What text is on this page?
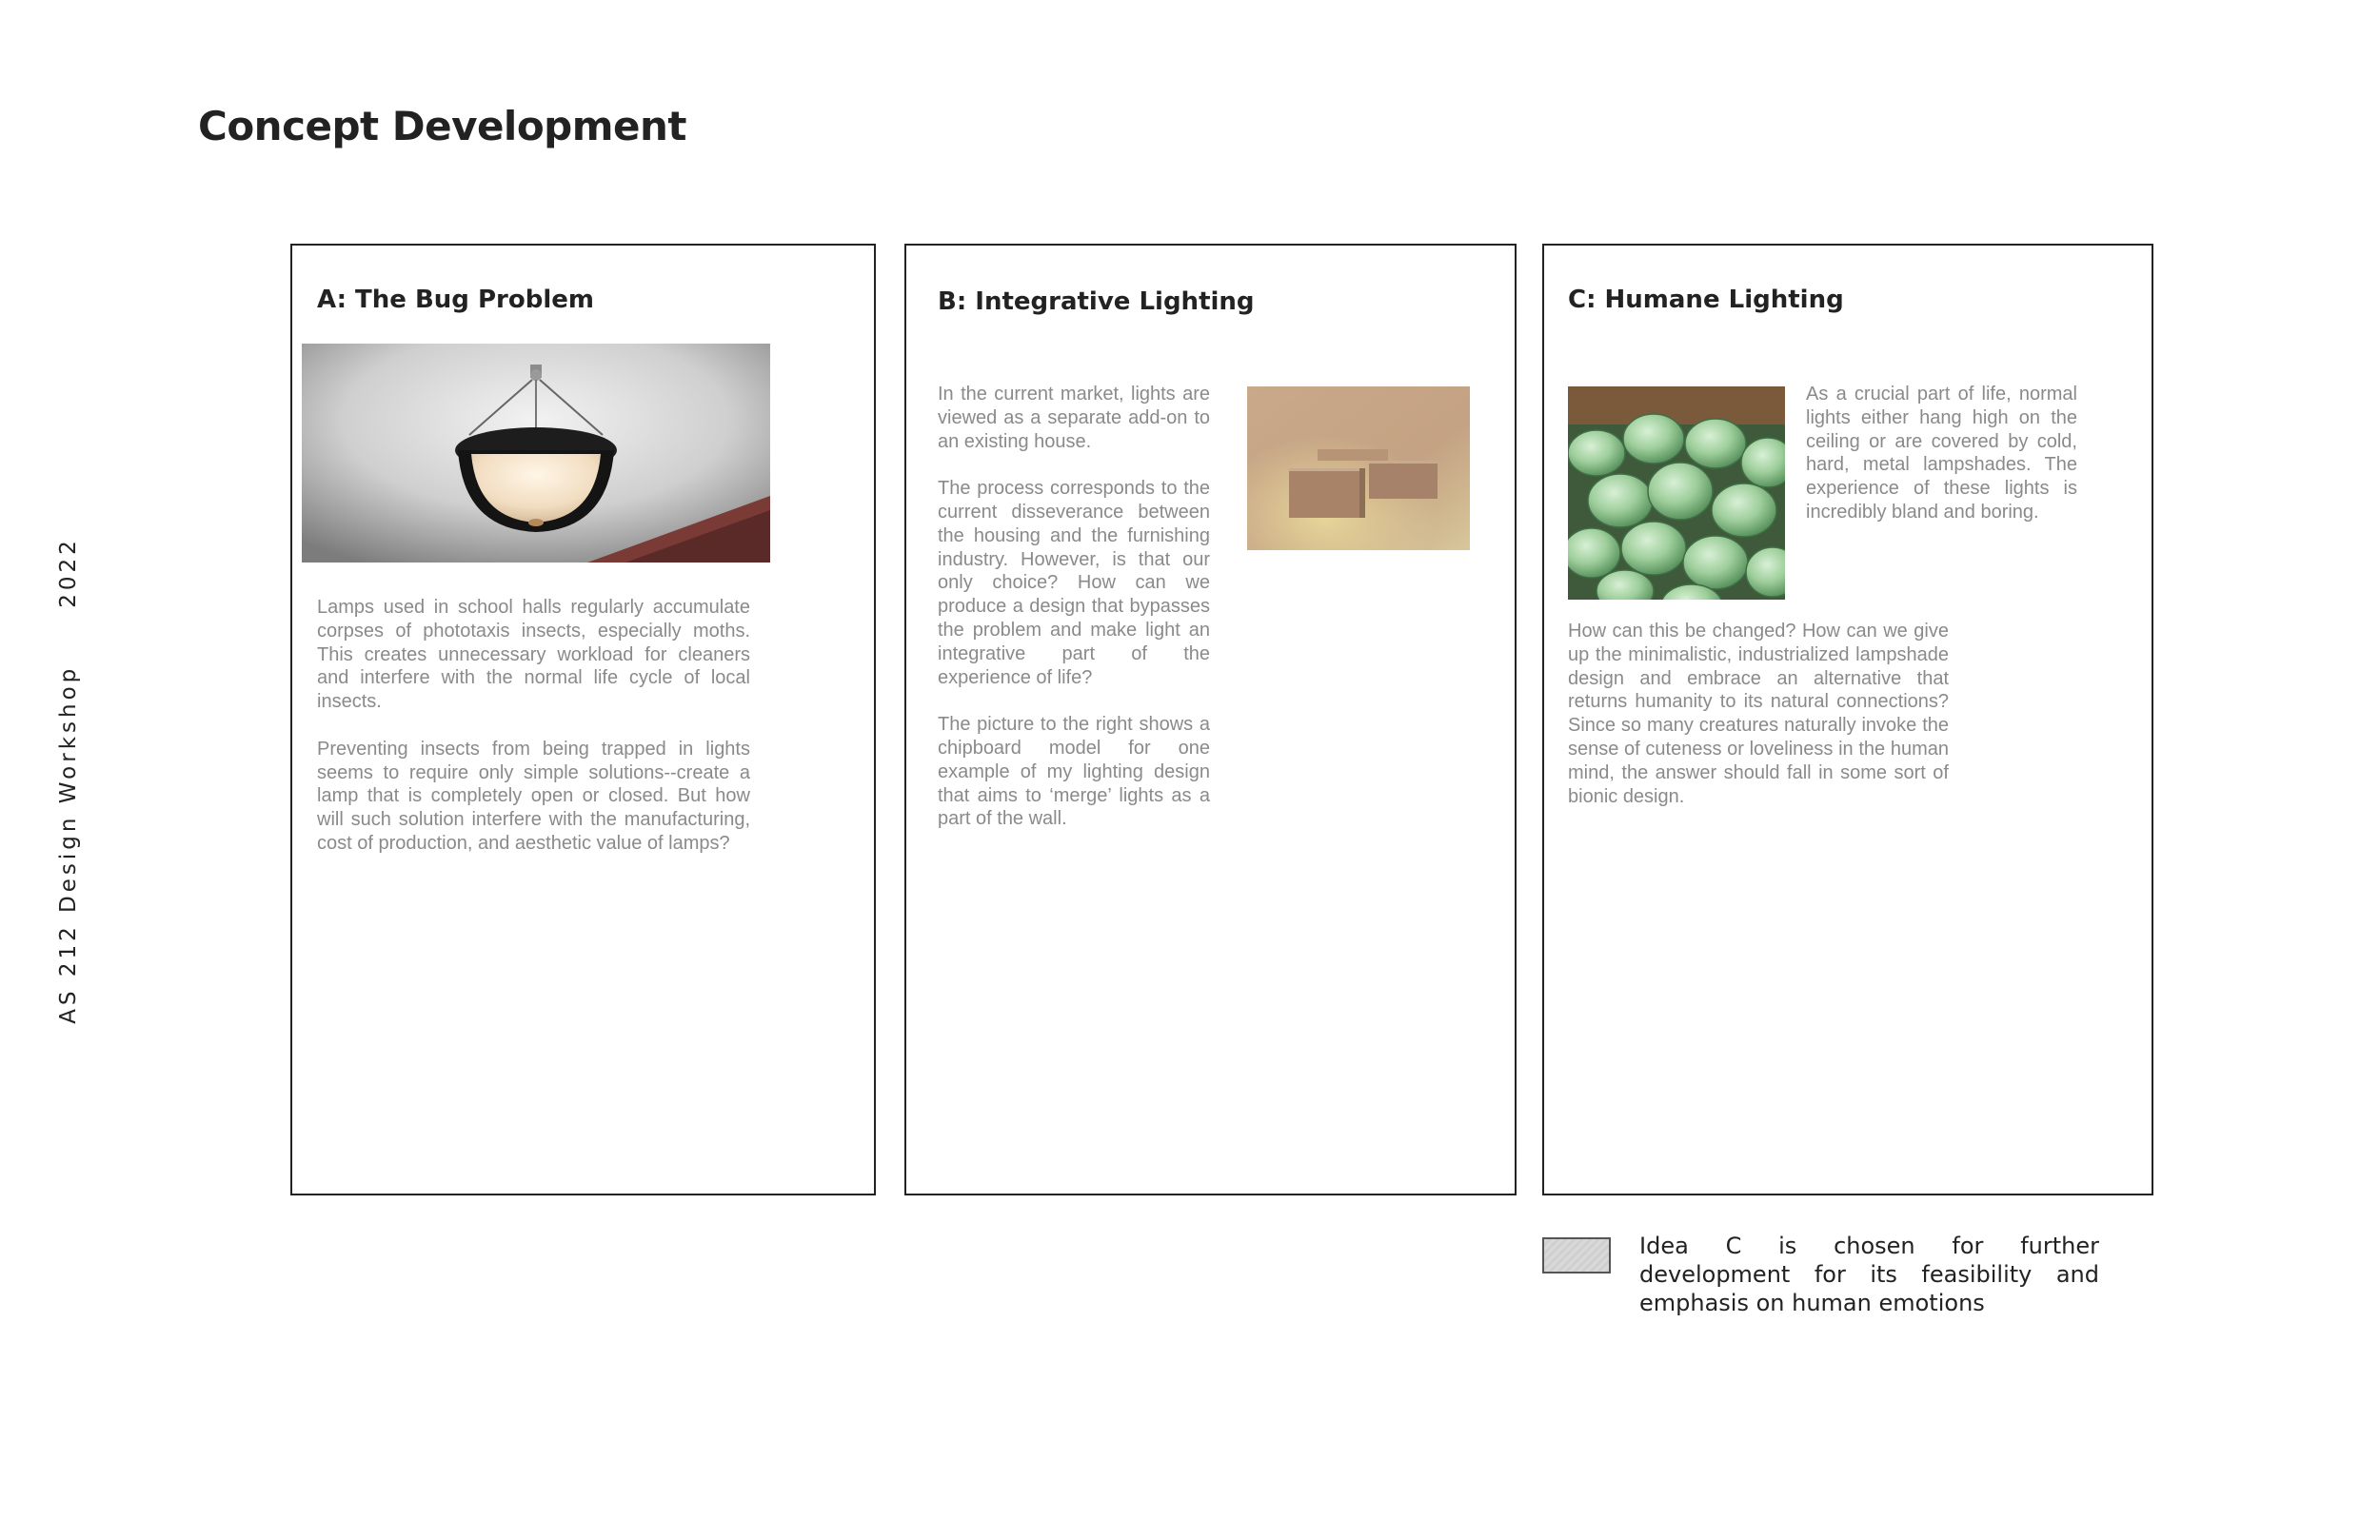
Concept Development
AS 212 Design Workshop2022
A: The Bug Problem

Lamps used in school halls regularly accumulate corpses of phototaxis insects, especially moths. This creates unnecessary workload for cleaners and interfere with the normal life cycle of local insects.

Preventing insects from being trapped in lights seems to require only simple solutions--create a lamp that is completely open or closed. But how will such solution interfere with the manufacturing, cost of production, and aesthetic value of lamps?

B: Integrative Lighting

In the current market, lights are viewed as a separate add-on to an existing house.

The process corresponds to the current disseverance between the housing and the furnishing industry. However, is that our only choice? How can we produce a design that bypasses the problem and make light an integrative part of the experience of life?

The picture to the right shows a chipboard model for one example of my lighting design that aims to ‘merge’ lights as a part of the wall.

C: Humane Lighting

As a crucial part of life, normal lights either hang high on the ceiling or are covered by cold, hard, metal lampshades. The experience of these lights is incredibly bland and boring.

How can this be changed? How can we give up the minimalistic, industrialized lampshade design and embrace an alternative that returns humanity to its natural connections? Since so many creatures naturally invoke the sense of cuteness or loveliness in the human mind, the answer should fall in some sort of bionic design.

Idea C is chosen for further development for its feasibility and emphasis on human emotions
